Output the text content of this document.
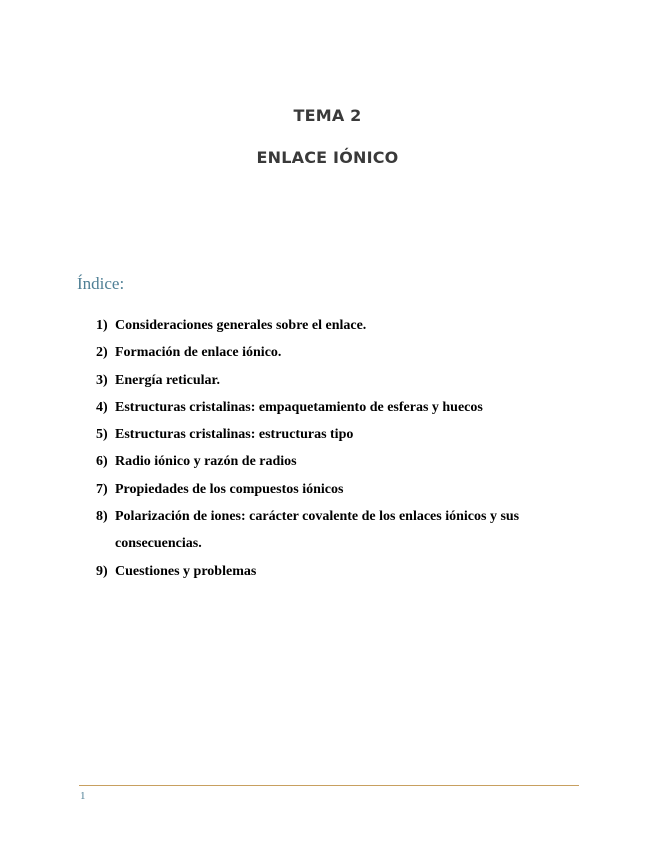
TEMA 2
ENLACE IÓNICO
Índice:
1) Consideraciones generales sobre el enlace.
2) Formación de enlace iónico.
3) Energía reticular.
4) Estructuras cristalinas: empaquetamiento de esferas y huecos
5) Estructuras cristalinas: estructuras tipo
6) Radio iónico y razón de radios
7) Propiedades de los compuestos iónicos
8) Polarización de iones: carácter covalente de los enlaces iónicos y sus consecuencias.
9) Cuestiones y problemas
1
